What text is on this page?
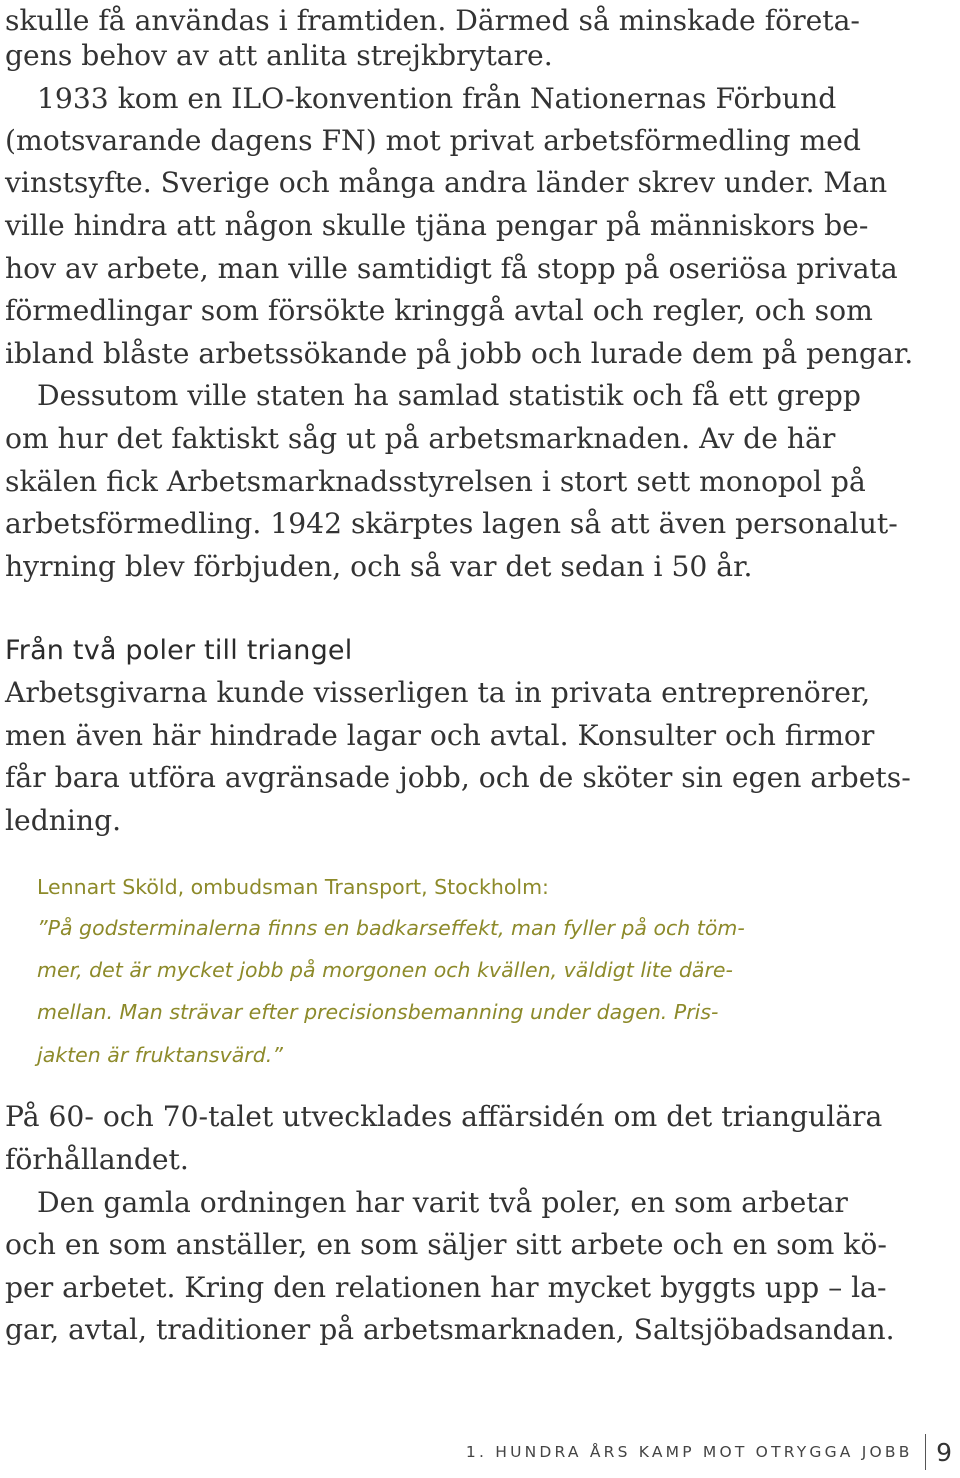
skulle få användas i framtiden. Därmed så minskade företa-
gens behov av att anlita strejkbrytare.
1933 kom en ILO-konvention från Nationernas Förbund
(motsvarande dagens FN) mot privat arbetsförmedling med
vinstsyfte. Sverige och många andra länder skrev under. Man
ville hindra att någon skulle tjäna pengar på människors be-
hov av arbete, man ville samtidigt få stopp på oseriösa privata
förmedlingar som försökte kringgå avtal och regler, och som
ibland blåste arbetssökande på jobb och lurade dem på pengar.
Dessutom ville staten ha samlad statistik och få ett grepp
om hur det faktiskt såg ut på arbetsmarknaden. Av de här
skälen fick Arbetsmarknadsstyrelsen i stort sett monopol på
arbetsförmedling. 1942 skärptes lagen så att även personalut-
hyrning blev förbjuden, och så var det sedan i 50 år.
Från två poler till triangel
Arbetsgivarna kunde visserligen ta in privata entreprenörer,
men även här hindrade lagar och avtal. Konsulter och firmor
får bara utföra avgränsade jobb, och de sköter sin egen arbets-
ledning.
Lennart Sköld, ombudsman Transport, Stockholm:
”På godsterminalerna finns en badkarseffekt, man fyller på och töm-
mer, det är mycket jobb på morgonen och kvällen, väldigt lite däre-
mellan. Man strävar efter precisionsbemanning under dagen. Pris-
jakten är fruktansvärd.”
På 60- och 70-talet utvecklades affärsidén om det triangulära
förhållandet.
Den gamla ordningen har varit två poler, en som arbetar
och en som anställer, en som säljer sitt arbete och en som kö-
per arbetet. Kring den relationen har mycket byggts upp – la-
gar, avtal, traditioner på arbetsmarknaden, Saltsjöbadsandan.
1. HUNDRA ÅRS KAMP MOT OTRYGGA JOBB 9
